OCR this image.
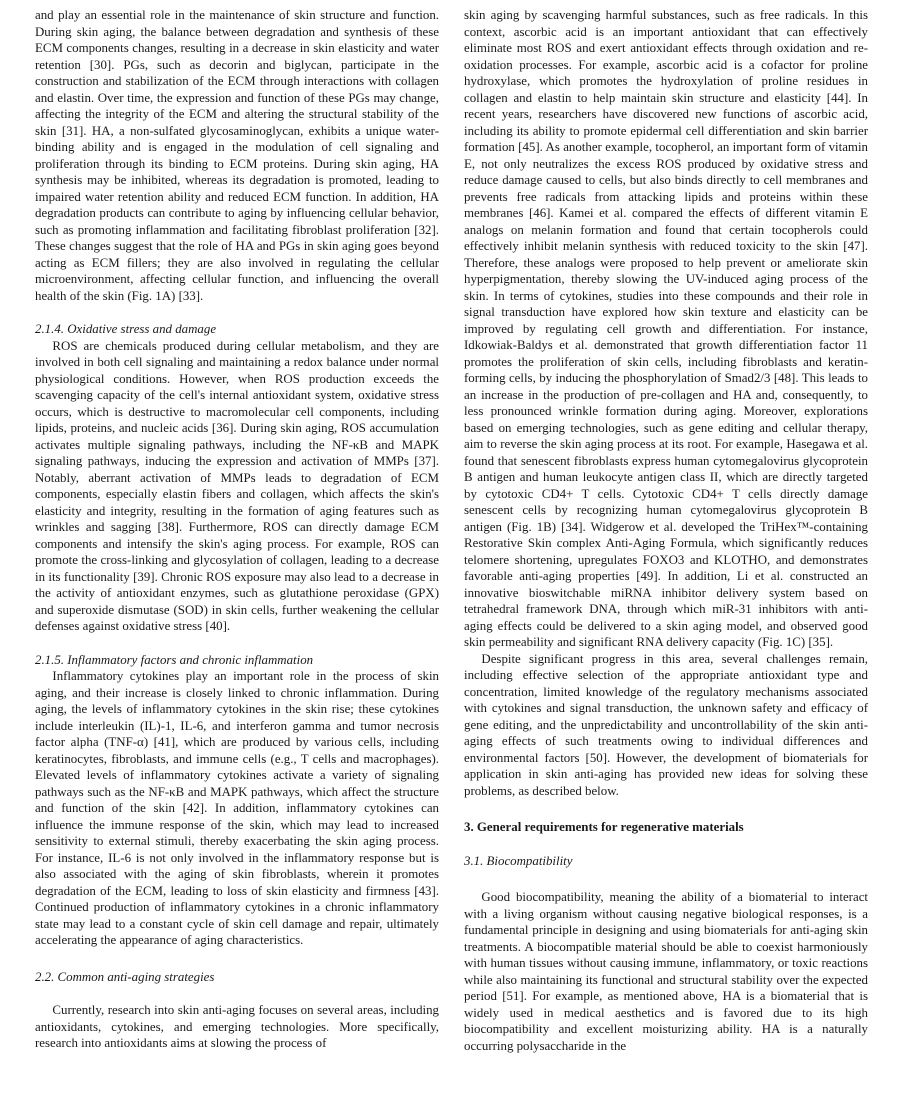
and play an essential role in the maintenance of skin structure and function. During skin aging, the balance between degradation and synthesis of these ECM components changes, resulting in a decrease in skin elasticity and water retention [30]. PGs, such as decorin and biglycan, participate in the construction and stabilization of the ECM through interactions with collagen and elastin. Over time, the expression and function of these PGs may change, affecting the integrity of the ECM and altering the structural stability of the skin [31]. HA, a non-sulfated glycosaminoglycan, exhibits a unique water-binding ability and is engaged in the modulation of cell signaling and proliferation through its binding to ECM proteins. During skin aging, HA synthesis may be inhibited, whereas its degradation is promoted, leading to impaired water retention ability and reduced ECM function. In addition, HA degradation products can contribute to aging by influencing cellular behavior, such as promoting inflammation and facilitating fibroblast proliferation [32]. These changes suggest that the role of HA and PGs in skin aging goes beyond acting as ECM fillers; they are also involved in regulating the cellular microenvironment, affecting cellular function, and influencing the overall health of the skin (Fig. 1A) [33].

2.1.4. Oxidative stress and damage

ROS are chemicals produced during cellular metabolism, and they are involved in both cell signaling and maintaining a redox balance under normal physiological conditions. However, when ROS production exceeds the scavenging capacity of the cell's internal antioxidant system, oxidative stress occurs, which is destructive to macromolecular cell components, including lipids, proteins, and nucleic acids [36]. During skin aging, ROS accumulation activates multiple signaling pathways, including the NF-κB and MAPK signaling pathways, inducing the expression and activation of MMPs [37]. Notably, aberrant activation of MMPs leads to degradation of ECM components, especially elastin fibers and collagen, which affects the skin's elasticity and integrity, resulting in the formation of aging features such as wrinkles and sagging [38]. Furthermore, ROS can directly damage ECM components and intensify the skin's aging process. For example, ROS can promote the cross-linking and glycosylation of collagen, leading to a decrease in its functionality [39]. Chronic ROS exposure may also lead to a decrease in the activity of antioxidant enzymes, such as glutathione peroxidase (GPX) and superoxide dismutase (SOD) in skin cells, further weakening the cellular defenses against oxidative stress [40].

2.1.5. Inflammatory factors and chronic inflammation

Inflammatory cytokines play an important role in the process of skin aging, and their increase is closely linked to chronic inflammation. During aging, the levels of inflammatory cytokines in the skin rise; these cytokines include interleukin (IL)-1, IL-6, and interferon gamma and tumor necrosis factor alpha (TNF-α) [41], which are produced by various cells, including keratinocytes, fibroblasts, and immune cells (e.g., T cells and macrophages). Elevated levels of inflammatory cytokines activate a variety of signaling pathways such as the NF-κB and MAPK pathways, which affect the structure and function of the skin [42]. In addition, inflammatory cytokines can influence the immune response of the skin, which may lead to increased sensitivity to external stimuli, thereby exacerbating the skin aging process. For instance, IL-6 is not only involved in the inflammatory response but is also associated with the aging of skin fibroblasts, wherein it promotes degradation of the ECM, leading to loss of skin elasticity and firmness [43]. Continued production of inflammatory cytokines in a chronic inflammatory state may lead to a constant cycle of skin cell damage and repair, ultimately accelerating the appearance of aging characteristics.

2.2. Common anti-aging strategies

Currently, research into skin anti-aging focuses on several areas, including antioxidants, cytokines, and emerging technologies. More specifically, research into antioxidants aims at slowing the process of

skin aging by scavenging harmful substances, such as free radicals. In this context, ascorbic acid is an important antioxidant that can effectively eliminate most ROS and exert antioxidant effects through oxidation and re-oxidation processes. For example, ascorbic acid is a cofactor for proline hydroxylase, which promotes the hydroxylation of proline residues in collagen and elastin to help maintain skin structure and elasticity [44]. In recent years, researchers have discovered new functions of ascorbic acid, including its ability to promote epidermal cell differentiation and skin barrier formation [45]. As another example, tocopherol, an important form of vitamin E, not only neutralizes the excess ROS produced by oxidative stress and reduce damage caused to cells, but also binds directly to cell membranes and prevents free radicals from attacking lipids and proteins within these membranes [46]. Kamei et al. compared the effects of different vitamin E analogs on melanin formation and found that certain tocopherols could effectively inhibit melanin synthesis with reduced toxicity to the skin [47]. Therefore, these analogs were proposed to help prevent or ameliorate skin hyperpigmentation, thereby slowing the UV-induced aging process of the skin. In terms of cytokines, studies into these compounds and their role in signal transduction have explored how skin texture and elasticity can be improved by regulating cell growth and differentiation. For instance, Idkowiak-Baldys et al. demonstrated that growth differentiation factor 11 promotes the proliferation of skin cells, including fibroblasts and keratin-forming cells, by inducing the phosphorylation of Smad2/3 [48]. This leads to an increase in the production of pre-collagen and HA and, consequently, to less pronounced wrinkle formation during aging. Moreover, explorations based on emerging technologies, such as gene editing and cellular therapy, aim to reverse the skin aging process at its root. For example, Hasegawa et al. found that senescent fibroblasts express human cytomegalovirus glycoprotein B antigen and human leukocyte antigen class II, which are directly targeted by cytotoxic CD4+ T cells. Cytotoxic CD4+ T cells directly damage senescent cells by recognizing human cytomegalovirus glycoprotein B antigen (Fig. 1B) [34]. Widgerow et al. developed the TriHex™-containing Restorative Skin complex Anti-Aging Formula, which significantly reduces telomere shortening, upregulates FOXO3 and KLOTHO, and demonstrates favorable anti-aging properties [49]. In addition, Li et al. constructed an innovative bioswitchable miRNA inhibitor delivery system based on tetrahedral framework DNA, through which miR-31 inhibitors with anti-aging effects could be delivered to a skin aging model, and observed good skin permeability and significant RNA delivery capacity (Fig. 1C) [35].

Despite significant progress in this area, several challenges remain, including effective selection of the appropriate antioxidant type and concentration, limited knowledge of the regulatory mechanisms associated with cytokines and signal transduction, the unknown safety and efficacy of gene editing, and the unpredictability and uncontrollability of the skin anti-aging effects of such treatments owing to individual differences and environmental factors [50]. However, the development of biomaterials for application in skin anti-aging has provided new ideas for solving these problems, as described below.

3. General requirements for regenerative materials

3.1. Biocompatibility

Good biocompatibility, meaning the ability of a biomaterial to interact with a living organism without causing negative biological responses, is a fundamental principle in designing and using biomaterials for anti-aging skin treatments. A biocompatible material should be able to coexist harmoniously with human tissues without causing immune, inflammatory, or toxic reactions while also maintaining its functional and structural stability over the expected period [51]. For example, as mentioned above, HA is a biomaterial that is widely used in medical aesthetics and is favored due to its high biocompatibility and excellent moisturizing ability. HA is a naturally occurring polysaccharide in the
